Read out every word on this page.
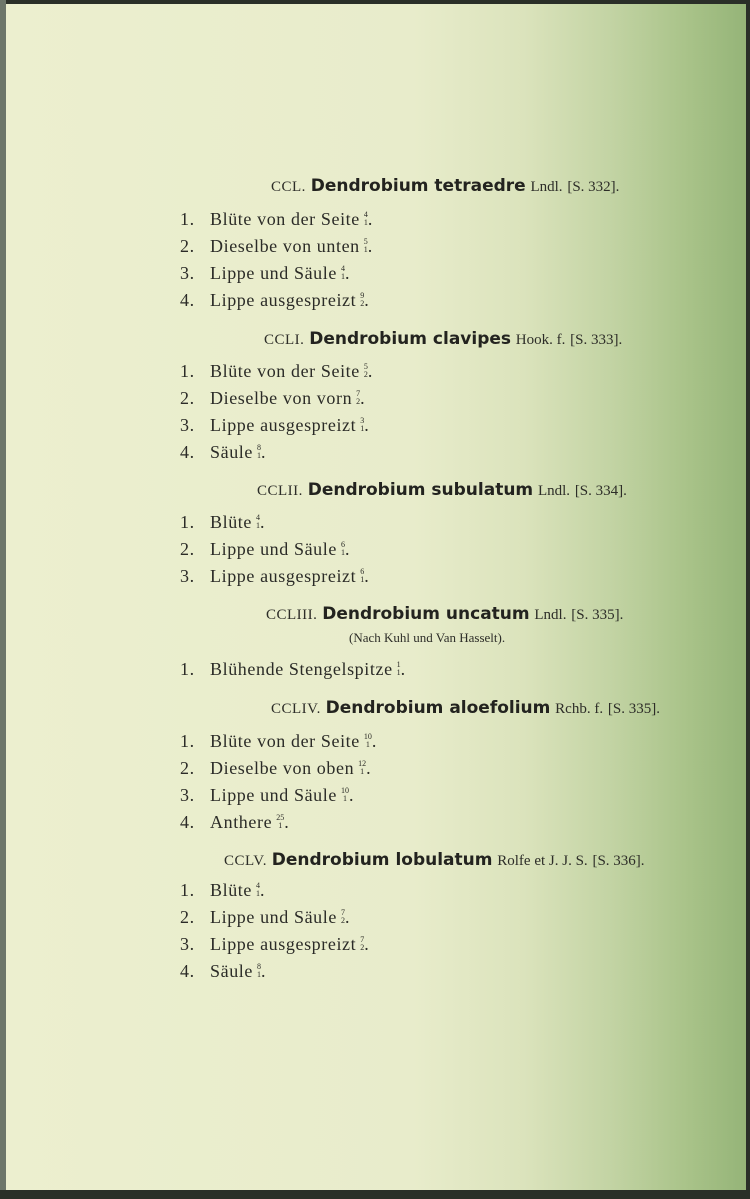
CCL. Dendrobium tetraedre Lndl. [S. 332].
1. Blüte von der Seite 4
1 .
2. Dieselbe von unten 5
1 .
3. Lippe und Säule 4
1 .
4. Lippe ausgespreizt 9
2 .
CCLI. Dendrobium clavipes Hook. f. [S. 333].
1. Blüte von der Seite 5
2 .
2. Dieselbe von vorn 7
2 .
3. Lippe ausgespreizt 3
1 .
4. Säule 8
1 .
CCLII. Dendrobium subulatum Lndl. [S. 334].
1. Blüte 4
1 .
2. Lippe und Säule 6
1 .
3. Lippe ausgespreizt 6
1 .
CCLIII. Dendrobium uncatum Lndl. [S. 335].
(Nach Kuhl und Van Hasselt).
1. Blühende Stengelspitze 1
1 .
CCLIV. Dendrobium aloefolium Rchb. f. [S. 335].
1. Blüte von der Seite 10
1 .
2. Dieselbe von oben 12
1 .
3. Lippe und Säule 10
1 .
4. Anthere 25
1 .
CCLV. Dendrobium lobulatum Rolfe et J. J. S. [S. 336].
1. Blüte 4
1 .
2. Lippe und Säule 7
2 .
3. Lippe ausgespreizt 7
2 .
4. Säule 8
1 .
